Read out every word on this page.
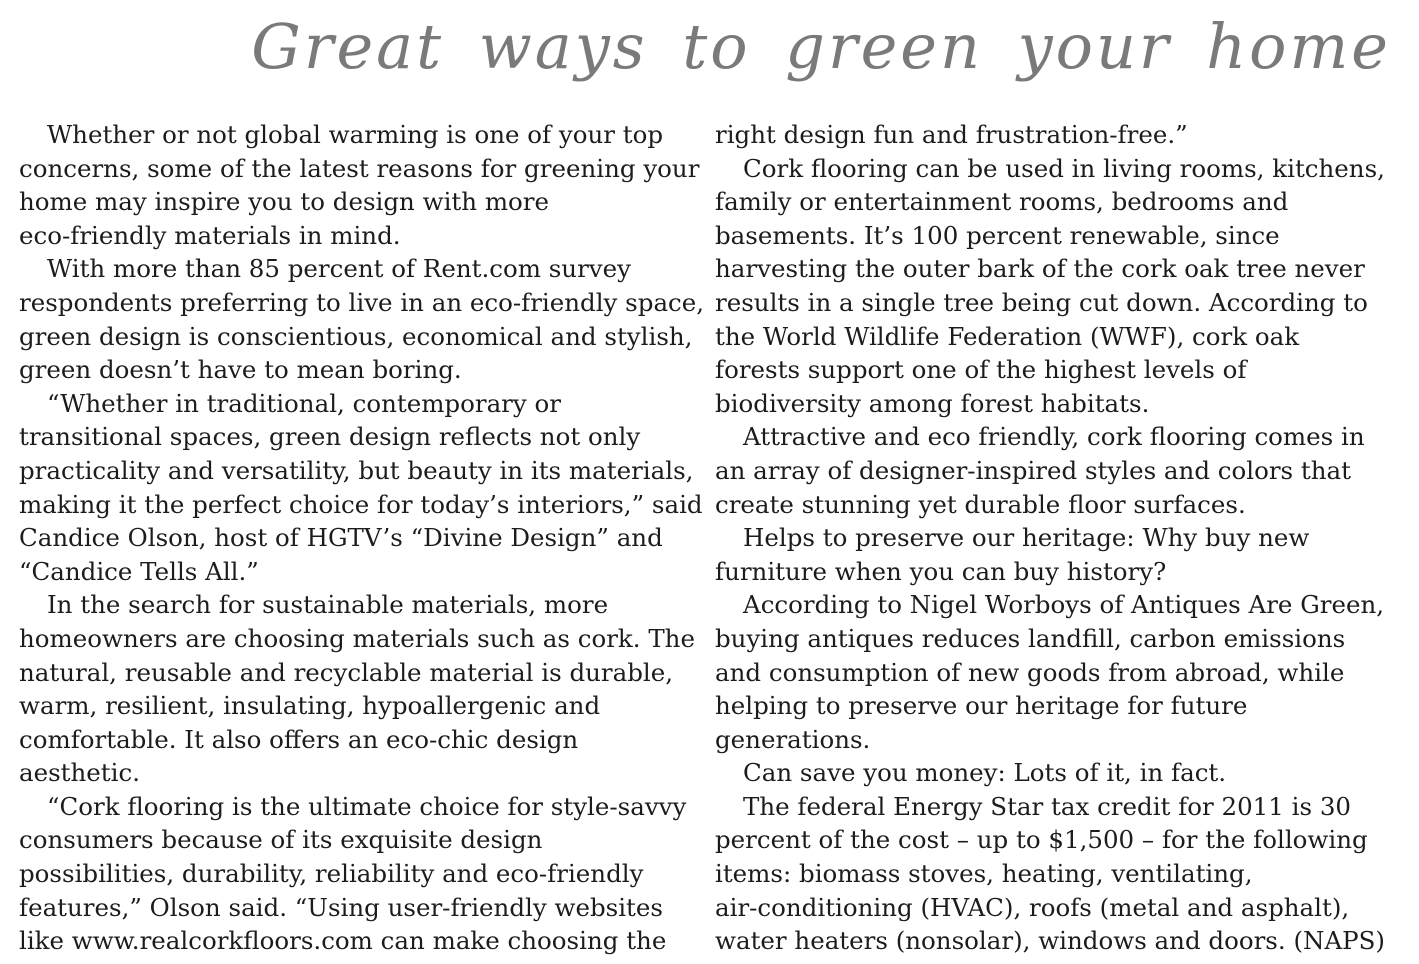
Great ways to green your home
Whether or not global warming is one of your top
concerns, some of the latest reasons for greening your
home may inspire you to design with more
eco-friendly materials in mind.
With more than 85 percent of Rent.com survey
respondents preferring to live in an eco-friendly space,
green design is conscientious, economical and stylish,
green doesn’t have to mean boring.
“Whether in traditional, contemporary or
transitional spaces, green design reflects not only
practicality and versatility, but beauty in its materials,
making it the perfect choice for today’s interiors,” said
Candice Olson, host of HGTV’s “Divine Design” and
“Candice Tells All.”
In the search for sustainable materials, more
homeowners are choosing materials such as cork. The
natural, reusable and recyclable material is durable,
warm, resilient, insulating, hypoallergenic and
comfortable. It also offers an eco-chic design
aesthetic.
“Cork flooring is the ultimate choice for style-savvy
consumers because of its exquisite design
possibilities, durability, reliability and eco-friendly
features,” Olson said. “Using user-friendly websites
like www.realcorkfloors.com can make choosing the
right design fun and frustration-free.”
Cork flooring can be used in living rooms, kitchens,
family or entertainment rooms, bedrooms and
basements. It’s 100 percent renewable, since
harvesting the outer bark of the cork oak tree never
results in a single tree being cut down. According to
the World Wildlife Federation (WWF), cork oak
forests support one of the highest levels of
biodiversity among forest habitats.
Attractive and eco friendly, cork flooring comes in
an array of designer-inspired styles and colors that
create stunning yet durable floor surfaces.
Helps to preserve our heritage: Why buy new
furniture when you can buy history?
According to Nigel Worboys of Antiques Are Green,
buying antiques reduces landfill, carbon emissions
and consumption of new goods from abroad, while
helping to preserve our heritage for future
generations.
Can save you money: Lots of it, in fact.
The federal Energy Star tax credit for 2011 is 30
percent of the cost – up to $1,500 – for the following
items: biomass stoves, heating, ventilating,
air-conditioning (HVAC), roofs (metal and asphalt),
water heaters (nonsolar), windows and doors. (NAPS)
